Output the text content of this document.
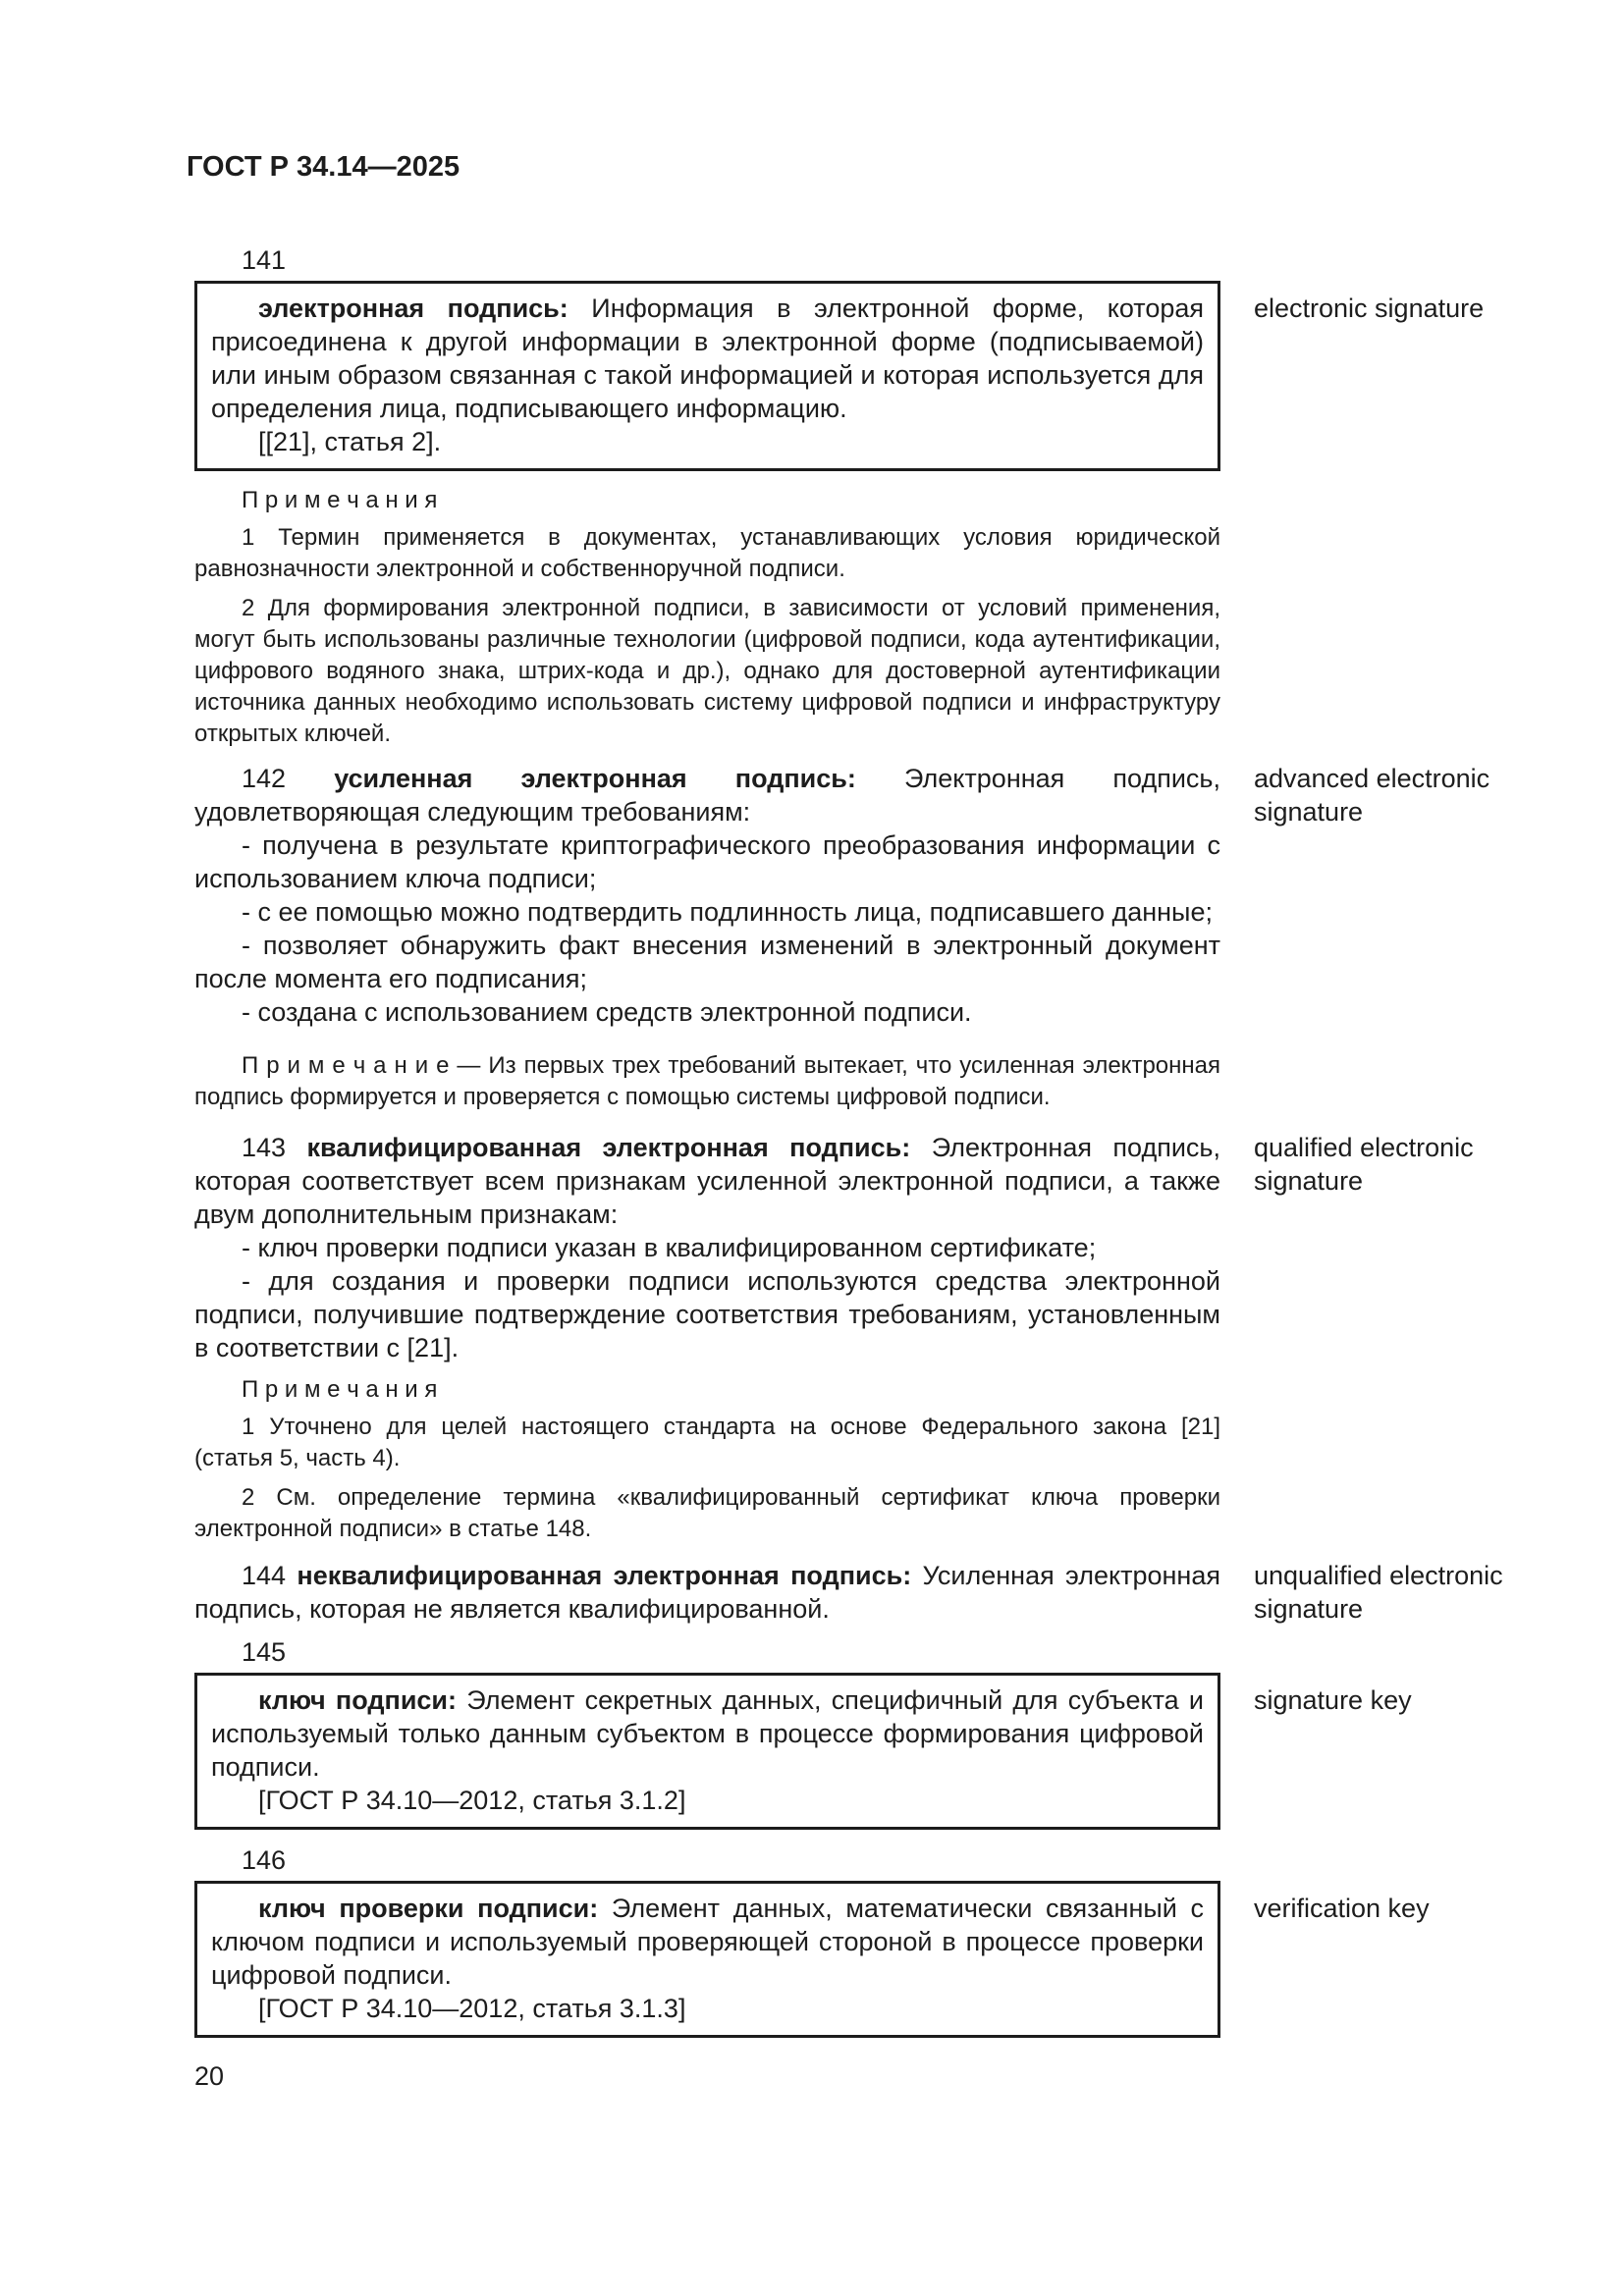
ГОСТ Р 34.14—2025

141

электронная подпись: Информация в электронной форме, которая присоединена к другой информации в электронной форме (подписываемой) или иным образом связанная с такой информацией и которая используется для определения лица, подписывающего информацию.

[[21], статья 2].

electronic signature

П р и м е ч а н и я

1 Термин применяется в документах, устанавливающих условия юридической равнозначности электронной и собственноручной подписи.

2 Для формирования электронной подписи, в зависимости от условий применения, могут быть использованы различные технологии (цифровой подписи, кода аутентификации, цифрового водяного знака, штрих-кода и др.), однако для достоверной аутентификации источника данных необходимо использовать систему цифровой подписи и инфраструктуру открытых ключей.

142 усиленная электронная подпись: Электронная подпись, удовлетворяющая следующим требованиям:

- получена в результате криптографического преобразования информации с использованием ключа подписи;

- с ее помощью можно подтвердить подлинность лица, подписавшего данные;

- позволяет обнаружить факт внесения изменений в электронный документ после момента его подписания;

- создана с использованием средств электронной подписи.

advanced electronic signature

П р и м е ч а н и е — Из первых трех требований вытекает, что усиленная электронная подпись формируется и проверяется с помощью системы цифровой подписи.

143 квалифицированная электронная подпись: Электронная подпись, которая соответствует всем признакам усиленной электронной подписи, а также двум дополнительным признакам:

- ключ проверки подписи указан в квалифицированном сертификате;

- для создания и проверки подписи используются средства электронной подписи, получившие подтверждение соответствия требованиям, установленным в соответствии с [21].

qualified electronic signature

П р и м е ч а н и я

1 Уточнено для целей настоящего стандарта на основе Федерального закона [21] (статья 5, часть 4).

2 См. определение термина «квалифицированный сертификат ключа проверки электронной подписи» в статье 148.

144 неквалифицированная электронная подпись: Усиленная электронная подпись, которая не является квалифицированной.

unqualified electronic signature

145

ключ подписи: Элемент секретных данных, специфичный для субъекта и используемый только данным субъектом в процессе формирования цифровой подписи.

[ГОСТ Р 34.10—2012, статья 3.1.2]

signature key

146

ключ проверки подписи: Элемент данных, математически связанный с ключом подписи и используемый проверяющей стороной в процессе проверки цифровой подписи.

[ГОСТ Р 34.10—2012, статья 3.1.3]

verification key
20
